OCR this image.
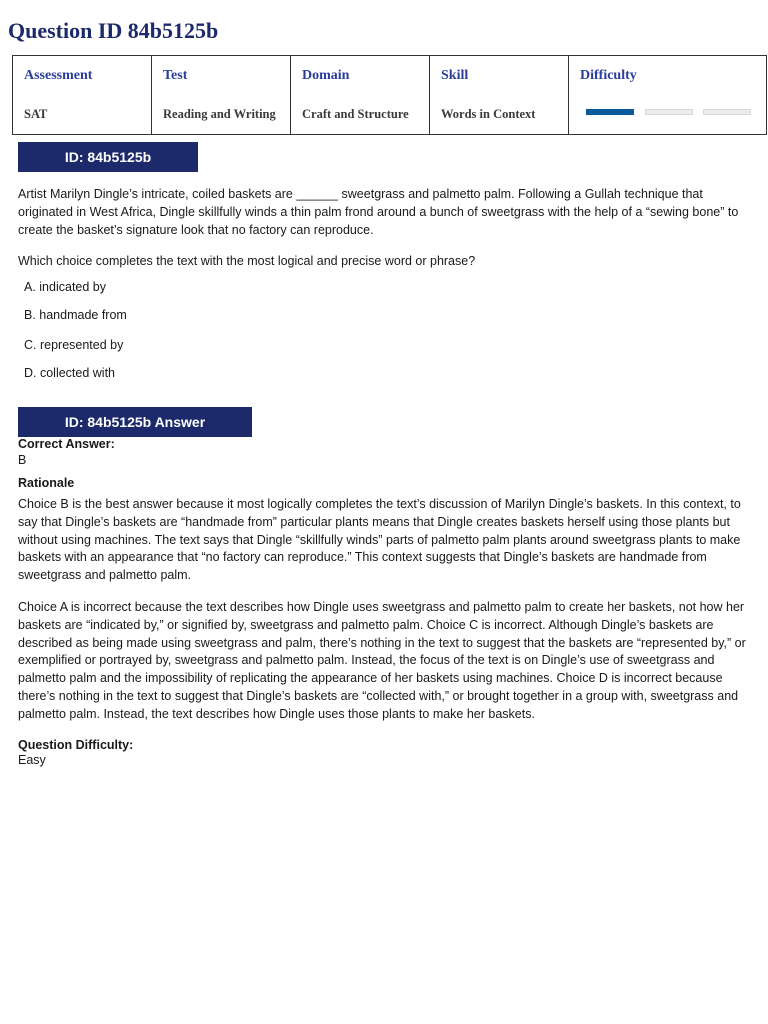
Question ID 84b5125b
Assessment
SAT

Test
Reading and Writing

Domain
Craft and Structure

Skill
Words in Context

Difficulty
ID: 84b5125b

Artist Marilyn Dingle’s intricate, coiled baskets are ______ sweetgrass and palmetto palm. Following a Gullah technique that originated in West Africa, Dingle skillfully winds a thin palm frond around a bunch of sweetgrass with the help of a “sewing bone” to create the basket’s signature look that no factory can reproduce.

Which choice completes the text with the most logical and precise word or phrase?

A. indicated by
B. handmade from
C. represented by
D. collected with
ID: 84b5125b Answer
Correct Answer:
B
Rationale

Choice B is the best answer because it most logically completes the text’s discussion of Marilyn Dingle’s baskets. In this context, to say that Dingle’s baskets are “handmade from” particular plants means that Dingle creates baskets herself using those plants but without using machines. The text says that Dingle “skillfully winds” parts of palmetto palm plants around sweetgrass plants to make baskets with an appearance that “no factory can reproduce.” This context suggests that Dingle’s baskets are handmade from sweetgrass and palmetto palm.

Choice A is incorrect because the text describes how Dingle uses sweetgrass and palmetto palm to create her baskets, not how her baskets are “indicated by,” or signified by, sweetgrass and palmetto palm. Choice C is incorrect. Although Dingle’s baskets are described as being made using sweetgrass and palm, there’s nothing in the text to suggest that the baskets are “represented by,” or exemplified or portrayed by, sweetgrass and palmetto palm. Instead, the focus of the text is on Dingle’s use of sweetgrass and palmetto palm and the impossibility of replicating the appearance of her baskets using machines. Choice D is incorrect because there’s nothing in the text to suggest that Dingle’s baskets are “collected with,” or brought together in a group with, sweetgrass and palmetto palm. Instead, the text describes how Dingle uses those plants to make her baskets.

Question Difficulty:
Easy
